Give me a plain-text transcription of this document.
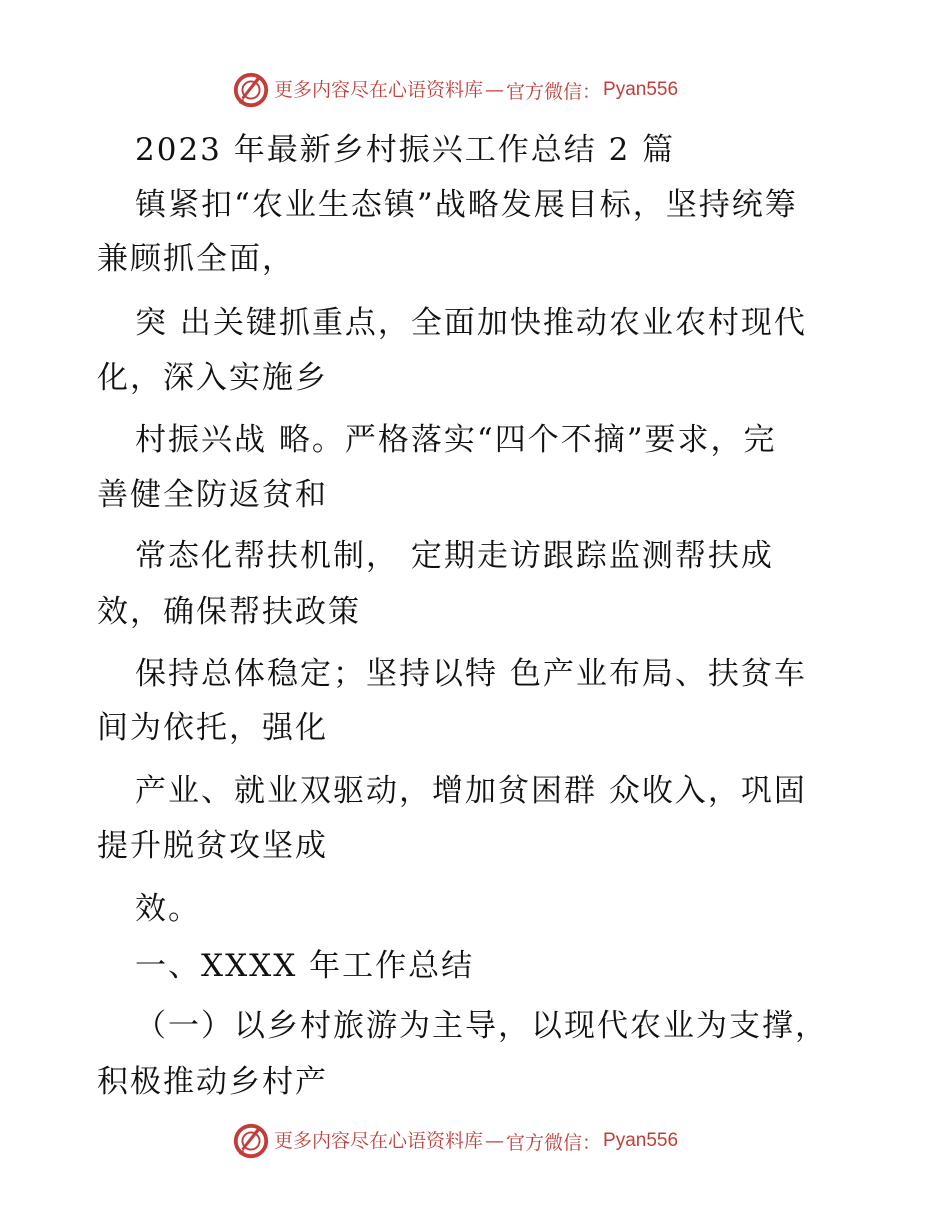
更多内容尽在心语资料库 — 官方微信： Pyan556
2023 年最新乡村振兴工作总结 2 篇
镇紧扣“农业生态镇”战略发展目标，坚持统筹
兼顾抓全面，
突 出关键抓重点，全面加快推动农业农村现代
化，深入实施乡
村振兴战 略。严格落实“四个不摘”要求，完
善健全防返贫和
常态化帮扶机制， 定期走访跟踪监测帮扶成
效，确保帮扶政策
保持总体稳定；坚持以特 色产业布局、扶贫车
间为依托，强化
产业、就业双驱动，增加贫困群 众收入，巩固
提升脱贫攻坚成
效。
一、XXXX 年工作总结
（一）以乡村旅游为主导，以现代农业为支撑，
积极推动乡村产
更多内容尽在心语资料库 — 官方微信： Pyan556
